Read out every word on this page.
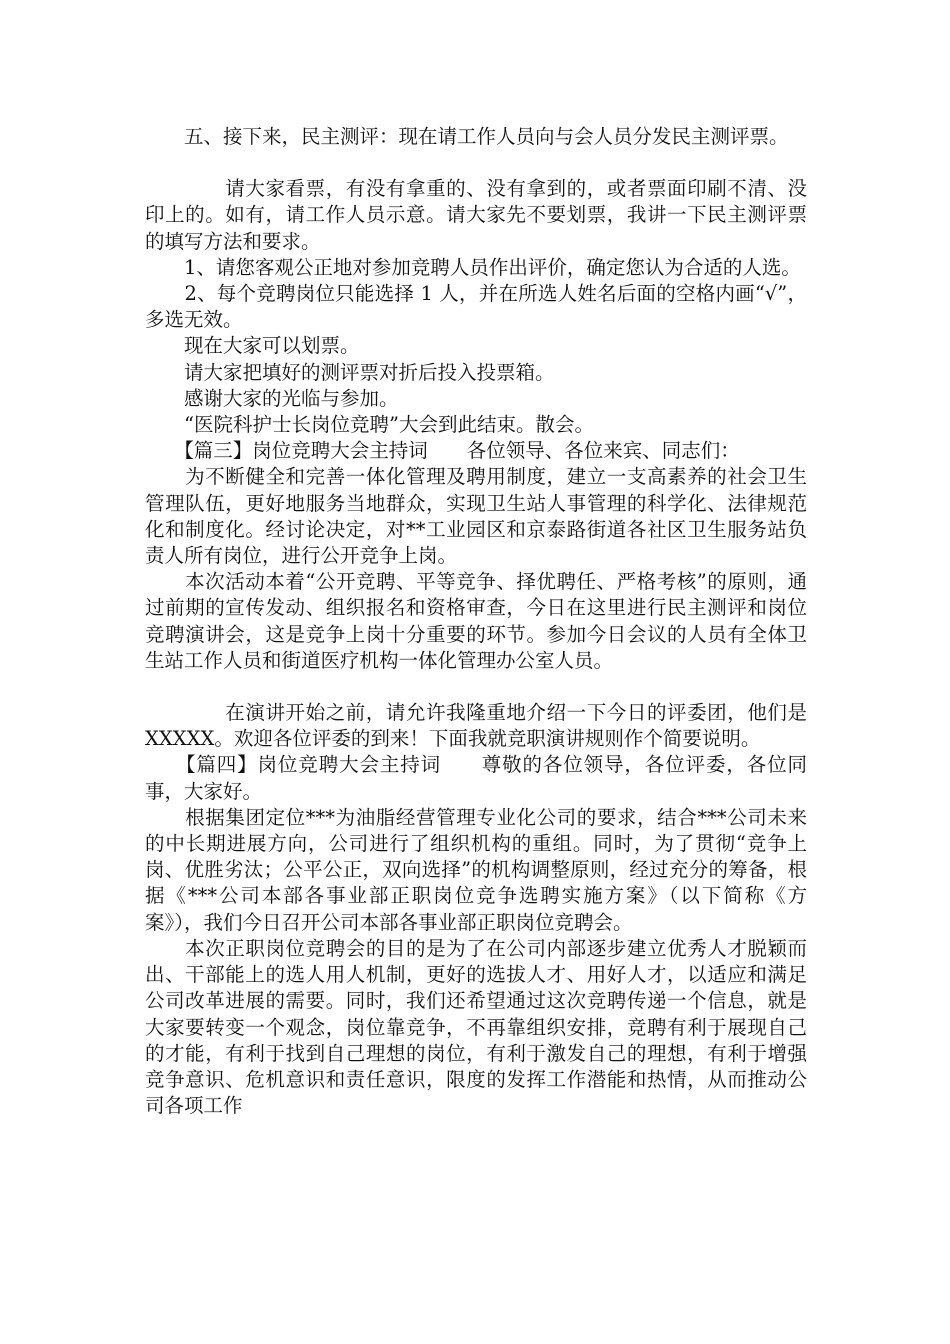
　　五、接下来，民主测评：现在请工作人员向与会人员分发民主测评票。

　　　　请大家看票，有没有拿重的、没有拿到的，或者票面印刷不清、没印上的。如有，请工作人员示意。请大家先不要划票，我讲一下民主测评票的填写方法和要求。

　　1、请您客观公正地对参加竞聘人员作出评价，确定您认为合适的人选。

　　2、每个竞聘岗位只能选择 1 人，并在所选人姓名后面的空格内画“√”，多选无效。

　　现在大家可以划票。

　　请大家把填好的测评票对折后投入投票箱。

　　感谢大家的光临与参加。

　　“医院科护士长岗位竞聘”大会到此结束。散会。

　　【篇三】岗位竞聘大会主持词　　各位领导、各位来宾、同志们：

　　为不断健全和完善一体化管理及聘用制度，建立一支高素养的社会卫生管理队伍，更好地服务当地群众，实现卫生站人事管理的科学化、法律规范化和制度化。经讨论决定，对**工业园区和京泰路街道各社区卫生服务站负责人所有岗位，进行公开竞争上岗。

　　本次活动本着“公开竞聘、平等竞争、择优聘任、严格考核”的原则，通过前期的宣传发动、组织报名和资格审查，今日在这里进行民主测评和岗位竞聘演讲会，这是竞争上岗十分重要的环节。参加今日会议的人员有全体卫生站工作人员和街道医疗机构一体化管理办公室人员。

　　　　在演讲开始之前，请允许我隆重地介绍一下今日的评委团，他们是 XXXXX。欢迎各位评委的到来！下面我就竞职演讲规则作个简要说明。

　　【篇四】岗位竞聘大会主持词　　尊敬的各位领导，各位评委，各位同事，大家好。

　　根据集团定位***为油脂经营管理专业化公司的要求，结合***公司未来的中长期进展方向，公司进行了组织机构的重组。同时，为了贯彻“竞争上岗、优胜劣汰；公平公正，双向选择”的机构调整原则，经过充分的筹备，根据《***公司本部各事业部正职岗位竞争选聘实施方案》（以下简称《方案》），我们今日召开公司本部各事业部正职岗位竞聘会。

　　本次正职岗位竞聘会的目的是为了在公司内部逐步建立优秀人才脱颖而出、干部能上的选人用人机制，更好的选拔人才、用好人才，以适应和满足公司改革进展的需要。同时，我们还希望通过这次竞聘传递一个信息，就是大家要转变一个观念，岗位靠竞争，不再靠组织安排，竞聘有利于展现自己的才能，有利于找到自己理想的岗位，有利于激发自己的理想，有利于增强竞争意识、危机意识和责任意识，限度的发挥工作潜能和热情，从而推动公司各项工作
